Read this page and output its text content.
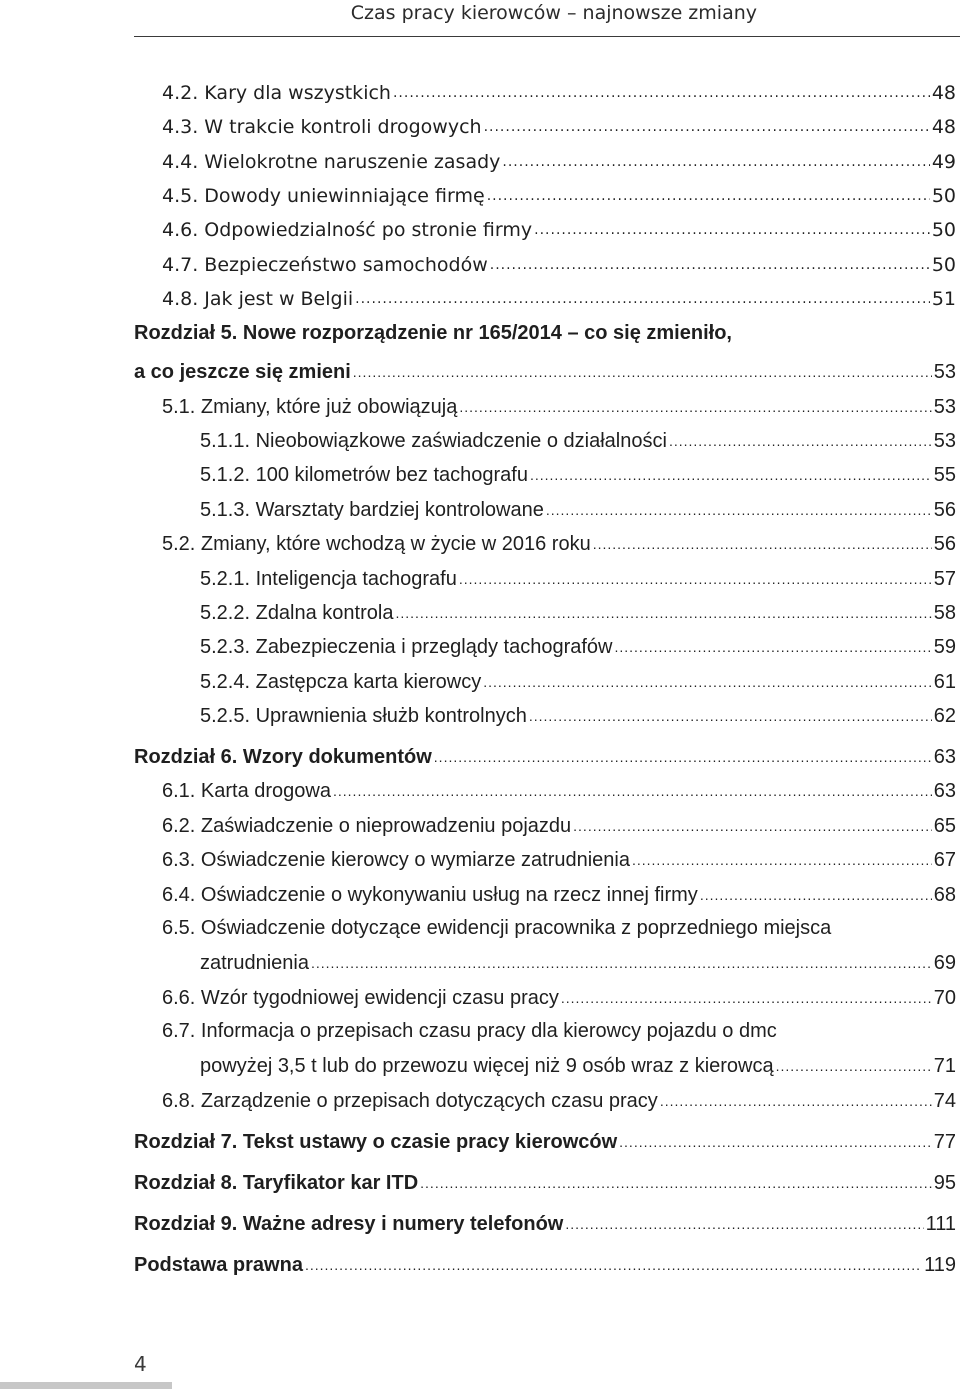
Czas pracy kierowców – najnowsze zmiany
4.2. Kary dla wszystkich .....	48
4.3. W trakcie kontroli drogowych .....	48
4.4. Wielokrotne naruszenie zasady .....	49
4.5. Dowody uniewinniające firmę .....	50
4.6. Odpowiedzialność po stronie firmy .....	50
4.7. Bezpieczeństwo samochodów .....	50
4.8. Jak jest w Belgii .....	51
Rozdział 5. Nowe rozporządzenie nr 165/2014 – co się zmieniło,
a co jeszcze się zmieni .....	53
5.1. Zmiany, które już obowiązują .....	53
5.1.1. Nieobowiązkowe zaświadczenie o działalności .....	53
5.1.2. 100 kilometrów bez tachografu .....	55
5.1.3. Warsztaty bardziej kontrolowane .....	56
5.2. Zmiany, które wchodzą w życie w 2016 roku .....	56
5.2.1. Inteligencja tachografu .....	57
5.2.2. Zdalna kontrola .....	58
5.2.3. Zabezpieczenia i przeglądy tachografów .....	59
5.2.4. Zastępcza karta kierowcy .....	61
5.2.5. Uprawnienia służb kontrolnych .....	62
Rozdział 6. Wzory dokumentów .....	63
6.1. Karta drogowa .....	63
6.2. Zaświadczenie o nieprowadzeniu pojazdu .....	65
6.3. Oświadczenie kierowcy o wymiarze zatrudnienia .....	67
6.4. Oświadczenie o wykonywaniu usług na rzecz innej firmy .....	68
6.5. Oświadczenie dotyczące ewidencji pracownika z poprzedniego miejsca
zatrudnienia .....	69
6.6. Wzór tygodniowej ewidencji czasu pracy .....	70
6.7. Informacja o przepisach czasu pracy dla kierowcy pojazdu o dmc
powyżej 3,5 t lub do przewozu więcej niż 9 osób wraz z kierowcą .....	71
6.8. Zarządzenie o przepisach dotyczących czasu pracy .....	74
Rozdział 7. Tekst ustawy o czasie pracy kierowców .....	77
Rozdział 8. Taryfikator kar ITD .....	95
Rozdział 9. Ważne adresy i numery telefonów .....	111
Podstawa prawna .....	119
4
